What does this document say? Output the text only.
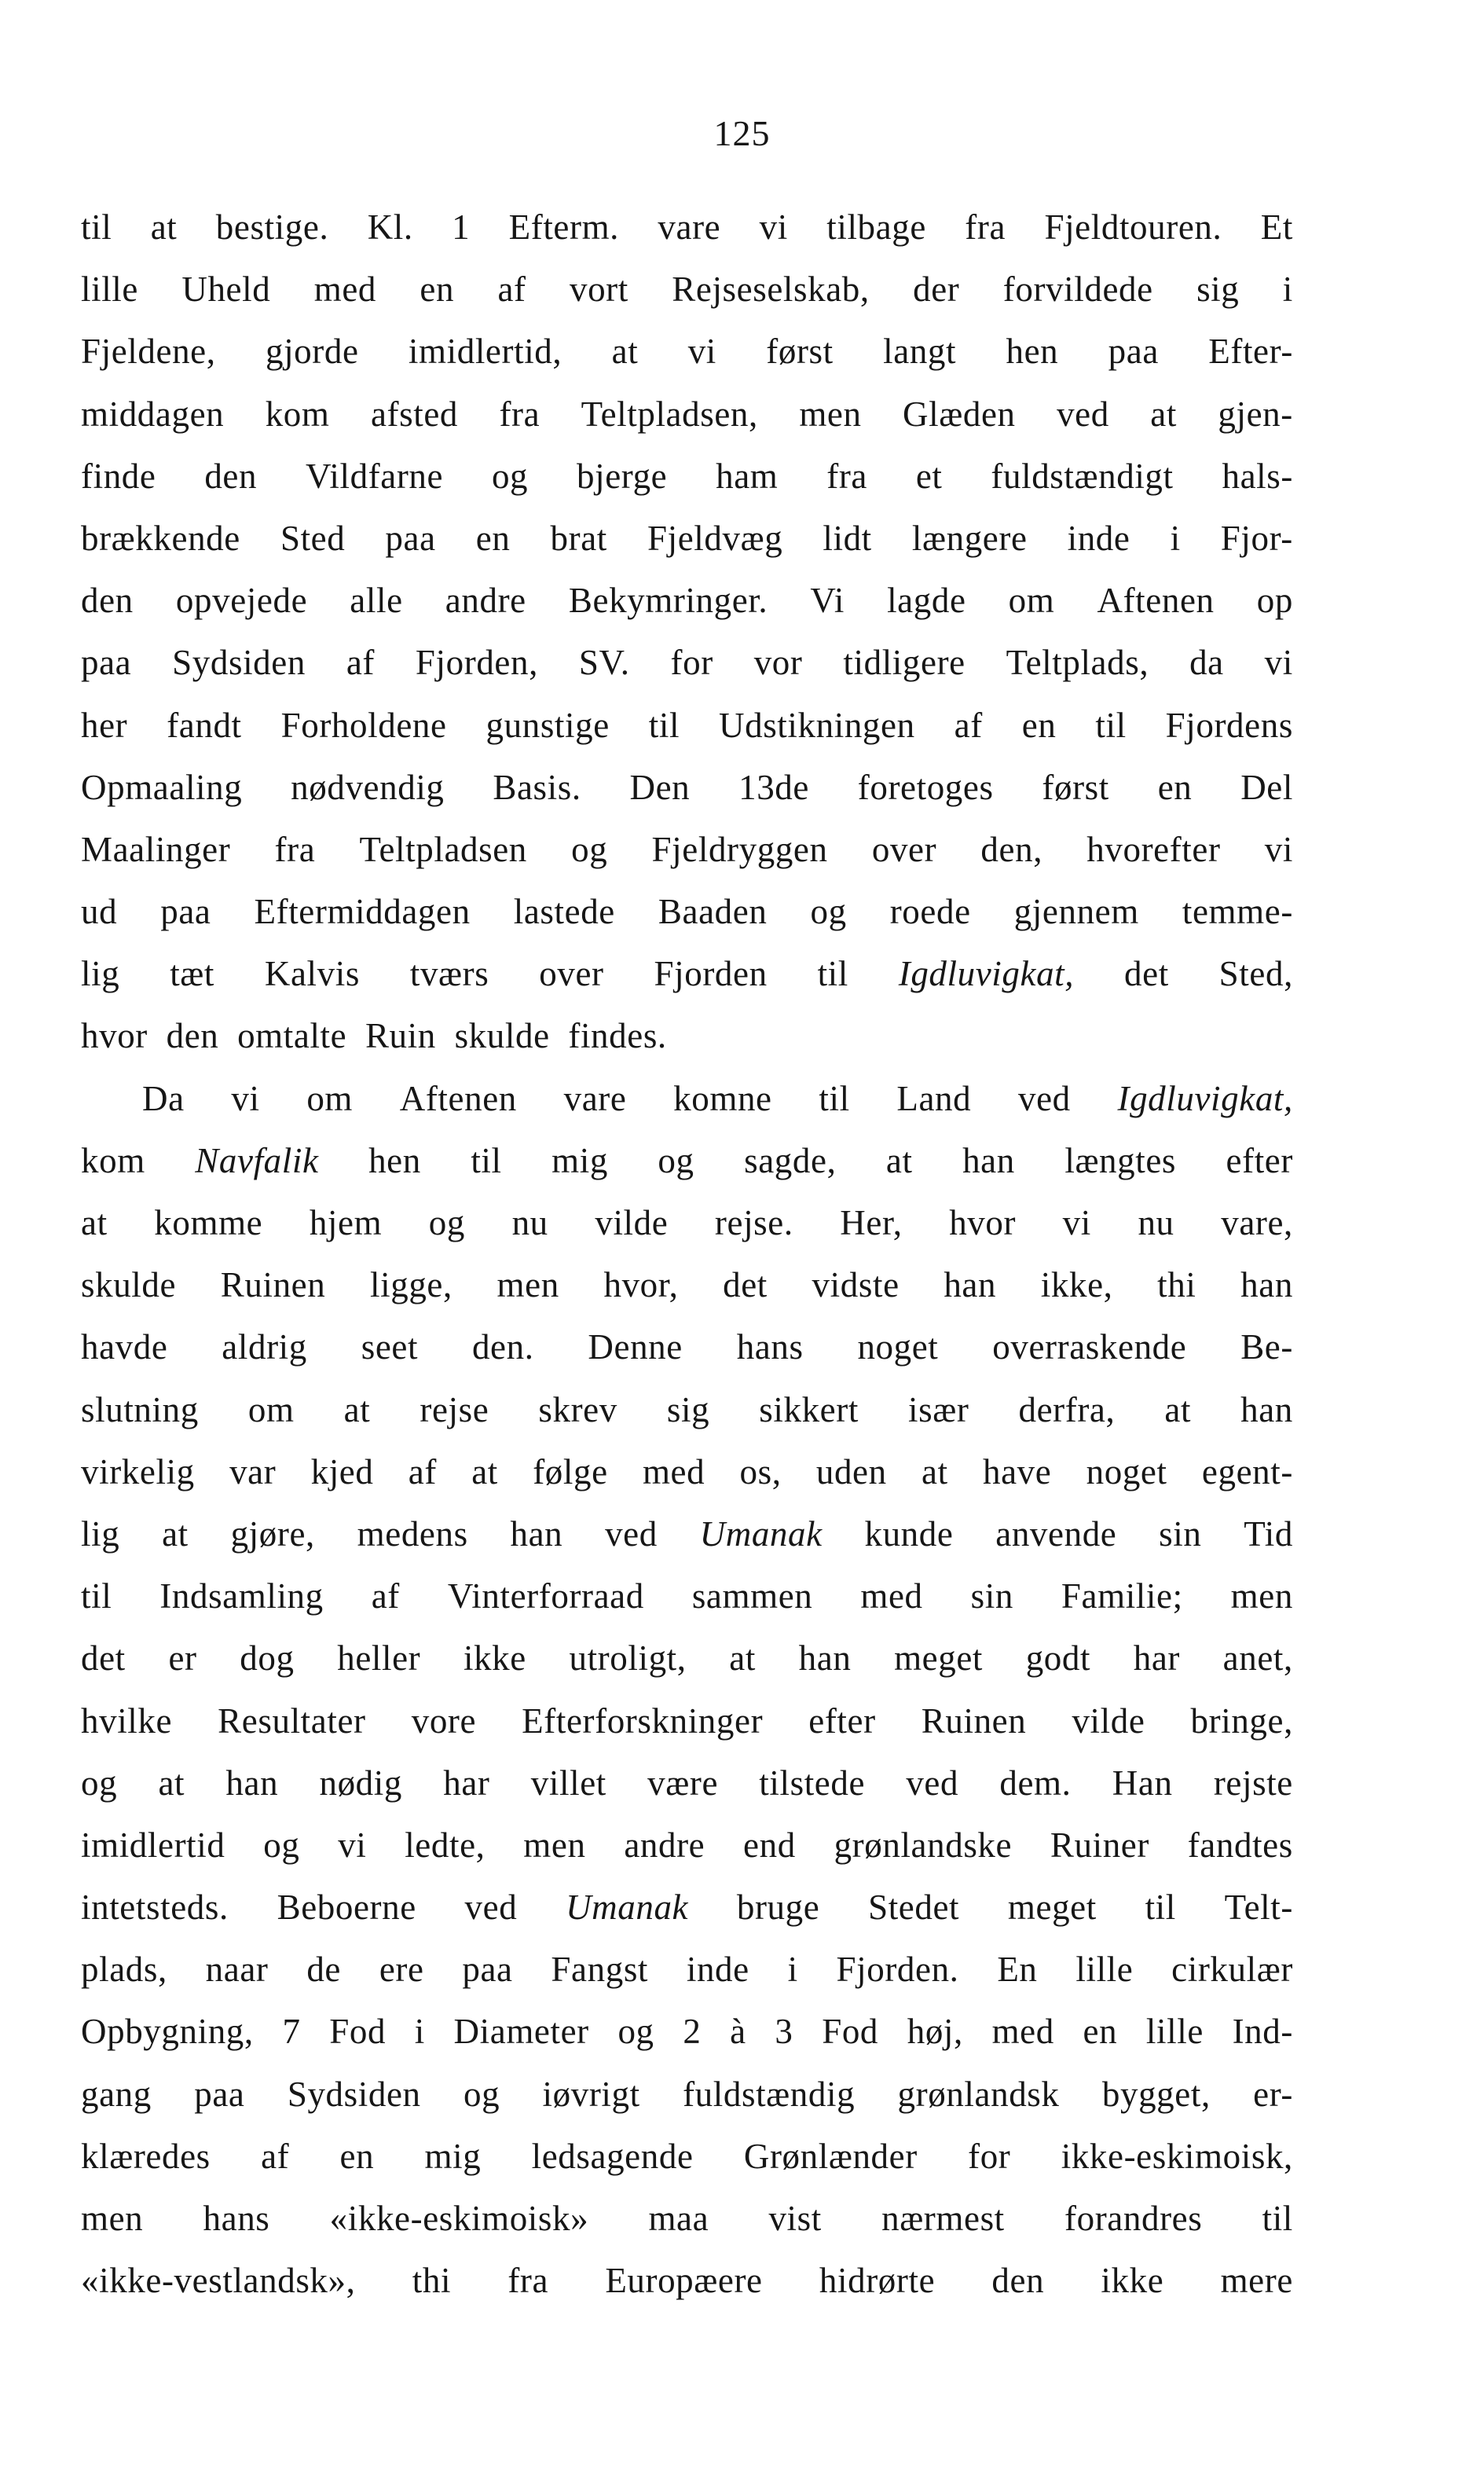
125
til at bestige. Kl. 1 Efterm. vare vi tilbage fra Fjeldtouren. Et
lille Uheld med en af vort Rejseselskab, der forvildede sig i
Fjeldene, gjorde imidlertid, at vi først langt hen paa Efter-
middagen kom afsted fra Teltpladsen, men Glæden ved at gjen-
finde den Vildfarne og bjerge ham fra et fuldstændigt hals-
brækkende Sted paa en brat Fjeldvæg lidt længere inde i Fjor-
den opvejede alle andre Bekymringer. Vi lagde om Aftenen op
paa Sydsiden af Fjorden, SV. for vor tidligere Teltplads, da vi
her fandt Forholdene gunstige til Udstikningen af en til Fjordens
Opmaaling nødvendig Basis. Den 13de foretoges først en Del
Maalinger fra Teltpladsen og Fjeldryggen over den, hvorefter vi
ud paa Eftermiddagen lastede Baaden og roede gjennem temme-
lig tæt Kalvis tværs over Fjorden til Igdluvigkat, det Sted,
hvor
den
omtalte
Ruin
skulde
findes.
Da vi om Aftenen vare komne til Land ved Igdluvigkat,
kom Navfalik hen til mig og sagde, at han længtes efter
at komme hjem og nu vilde rejse. Her, hvor vi nu vare,
skulde Ruinen ligge, men hvor, det vidste han ikke, thi han
havde aldrig seet den. Denne hans noget overraskende Be-
slutning om at rejse skrev sig sikkert især derfra, at han
virkelig var kjed af at følge med os, uden at have noget egent-
lig at gjøre, medens han ved Umanak kunde anvende sin Tid
til Indsamling af Vinterforraad sammen med sin Familie; men
det er dog heller ikke utroligt, at han meget godt har anet,
hvilke Resultater vore Efterforskninger efter Ruinen vilde bringe,
og at han nødig har villet være tilstede ved dem. Han rejste
imidlertid og vi ledte, men andre end grønlandske Ruiner fandtes
intetsteds. Beboerne ved Umanak bruge Stedet meget til Telt-
plads, naar de ere paa Fangst inde i Fjorden. En lille cirkulær
Opbygning, 7 Fod i Diameter og 2 à 3 Fod høj, med en lille Ind-
gang paa Sydsiden og iøvrigt fuldstændig grønlandsk bygget, er-
klæredes af en mig ledsagende Grønlænder for ikke-eskimoisk,
men hans «ikke-eskimoisk» maa vist nærmest forandres til
«ikke-vestlandsk», thi fra Europæere hidrørte den ikke mere
